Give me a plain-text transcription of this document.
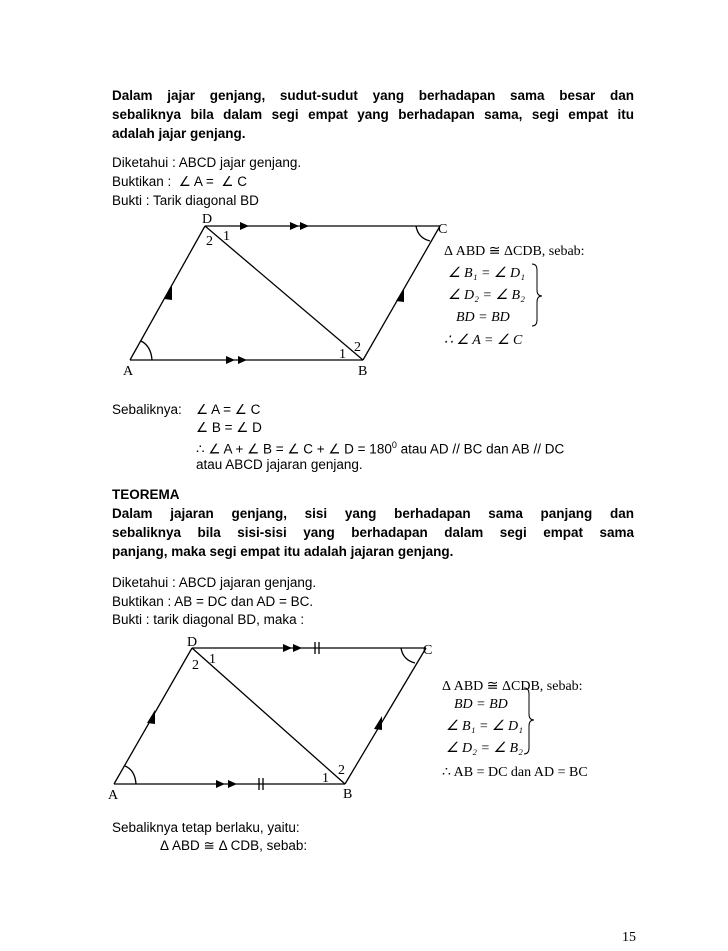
Dalam jajar genjang, sudut-sudut yang berhadapan sama besar dan
sebaliknya bila dalam segi empat yang berhadapan sama, segi empat itu
adalah jajar genjang.
Diketahui : ABCD jajar genjang.
Buktikan :  ∠ A =  ∠ C
Bukti : Tarik diagonal BD
D
2 1	C
A	B
1 2
Δ ABD ≅ ΔCDB, sebab:
∠ B₁ = ∠ D₁
∠ D₂ = ∠ B₂
BD = BD
∴ ∠ A = ∠ C
Sebaliknya: ∠ A = ∠ C
∠ B = ∠ D
∴ ∠ A + ∠ B = ∠ C + ∠ $D = 180^0$ atau AD // BC dan AB // DC
atau ABCD jajaran genjang.
TEOREMA
Dalam jajaran genjang, sisi yang berhadapan sama panjang dan
sebaliknya bila sisi-sisi yang berhadapan dalam segi empat sama
panjang, maka segi empat itu adalah jajaran genjang.
Diketahui : ABCD jajaran genjang.
Buktikan : AB = DC dan AD = BC.
Bukti : tarik diagonal BD, maka :
D
2 1
C
A	B
1
2
Δ ABD ≅ ΔCDB, sebab:
BD = BD
∠ B₁ = ∠ D₁
∠ D₂ = ∠ B₂
∴ AB = DC dan AD = BC
Sebaliknya tetap berlaku, yaitu:
Δ ABD ≅ Δ CDB, sebab:
15
